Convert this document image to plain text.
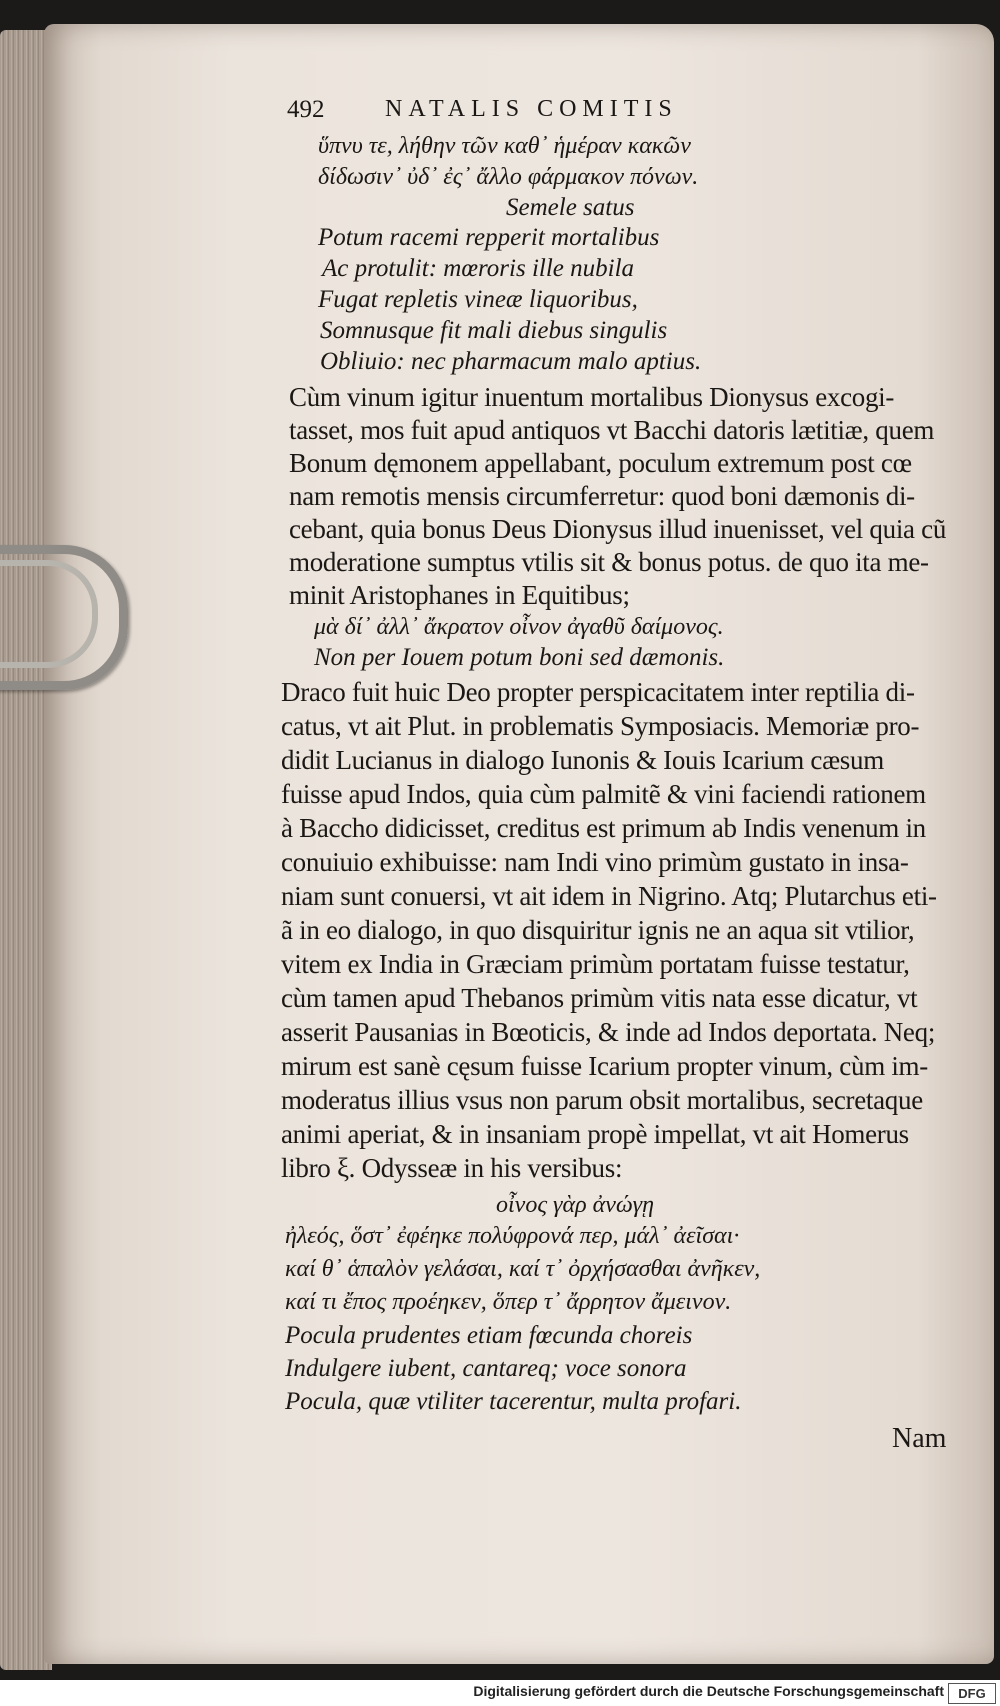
492	NATALIS COMITIS
ὕπνυ τε, λήθην τῶν καθ᾽ ἡμέραν κακῶν
δίδωσιν᾽ ὐδ᾽ ἐς᾽ ἄλλο φάρμακον πόνων.
Semele satus
Potum racemi repperit mortalibus
Ac protulit: mœroris ille nubila
Fugat repletis vineæ liquoribus,
Somnusque fit mali diebus singulis
Obliuio: nec pharmacum malo aptius.
Cùm vinum igitur inuentum mortalibus Dionysus excogi-
tasset, mos fuit apud antiquos vt Bacchi datoris lætitiæ, quem
Bonum dęmonem appellabant, poculum extremum post cœ
nam remotis mensis circumferretur: quod boni dæmonis di-
cebant, quia bonus Deus Dionysus illud inuenisset, vel quia cũ
moderatione sumptus vtilis sit & bonus potus. de quo ita me-
minit Aristophanes in Equitibus;
μὰ δί᾽ ἀλλ᾽ ἄκρατον οἶνον ἀγαθῦ δαίμονος.
Non per Iouem potum boni sed dæmonis.
Draco fuit huic Deo propter perspicacitatem inter reptilia di-
catus, vt ait Plut. in problematis Symposiacis. Memoriæ pro-
didit Lucianus in dialogo Iunonis & Iouis Icarium cæsum
fuisse apud Indos, quia cùm palmitẽ & vini faciendi rationem
à Baccho didicisset, creditus est primum ab Indis venenum in
conuiuio exhibuisse: nam Indi vino primùm gustato in insa-
niam sunt conuersi, vt ait idem in Nigrino. Atq; Plutarchus eti-
ã in eo dialogo, in quo disquiritur ignis ne an aqua sit vtilior,
vitem ex India in Græciam primùm portatam fuisse testatur,
cùm tamen apud Thebanos primùm vitis nata esse dicatur, vt
asserit Pausanias in Bœoticis, & inde ad Indos deportata. Neq;
mirum est sanè cęsum fuisse Icarium propter vinum, cùm im-
moderatus illius vsus non parum obsit mortalibus, secretaque
animi aperiat, & in insaniam propè impellat, vt ait Homerus
libro ξ. Odysseæ in his versibus:
οἶνος γὰρ ἀνώγῃ
ἠλεός, ὅστ᾽ ἐφέηκε πολύφρονά περ, μάλ᾽ ἀεῖσαι·
καί θ᾽ ἁπαλὸν γελάσαι, καί τ᾽ ὀρχήσασθαι ἀνῆκεν,
καί τι ἔπος προέηκεν, ὅπερ τ᾽ ἄρρητον ἄμεινον.
Pocula prudentes etiam fœcunda choreis
Indulgere iubent, cantareq; voce sonora
Pocula, quæ vtiliter tacerentur, multa profari.
Nam
Digitalisierung gefördert durch die Deutsche Forschungsgemeinschaft	DFG
